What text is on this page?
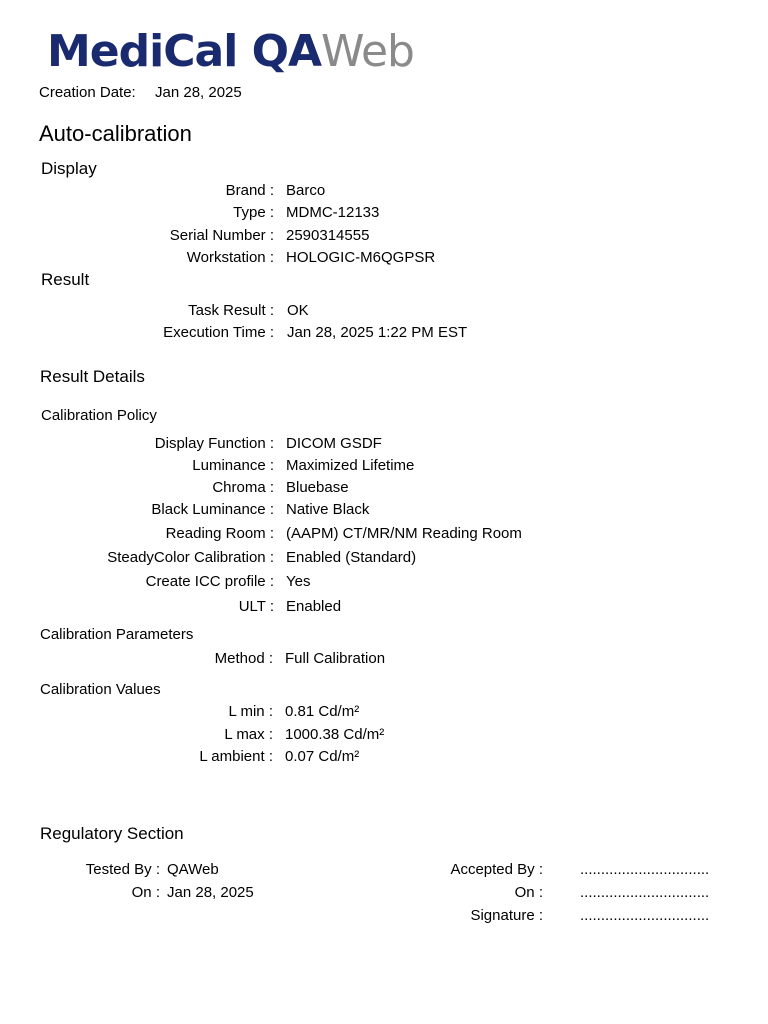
MediCal QAWeb
Creation Date: Jan 28, 2025
Auto-calibration
Display
Brand : Barco
Type : MDMC-12133
Serial Number : 2590314555
Workstation : HOLOGIC-M6QGPSR
Result
Task Result : OK
Execution Time : Jan 28, 2025 1:22 PM EST
Result Details
Calibration Policy
Display Function : DICOM GSDF
Luminance : Maximized Lifetime
Chroma : Bluebase
Black Luminance : Native Black
Reading Room : (AAPM) CT/MR/NM Reading Room
SteadyColor Calibration : Enabled (Standard)
Create ICC profile : Yes
ULT : Enabled
Calibration Parameters
Method : Full Calibration
Calibration Values
L min : 0.81 Cd/m²
L max : 1000.38 Cd/m²
L ambient : 0.07 Cd/m²
Regulatory Section
Tested By : QAWeb
On : Jan 28, 2025
Accepted By : ...............................
On : ...............................
Signature : ...............................
